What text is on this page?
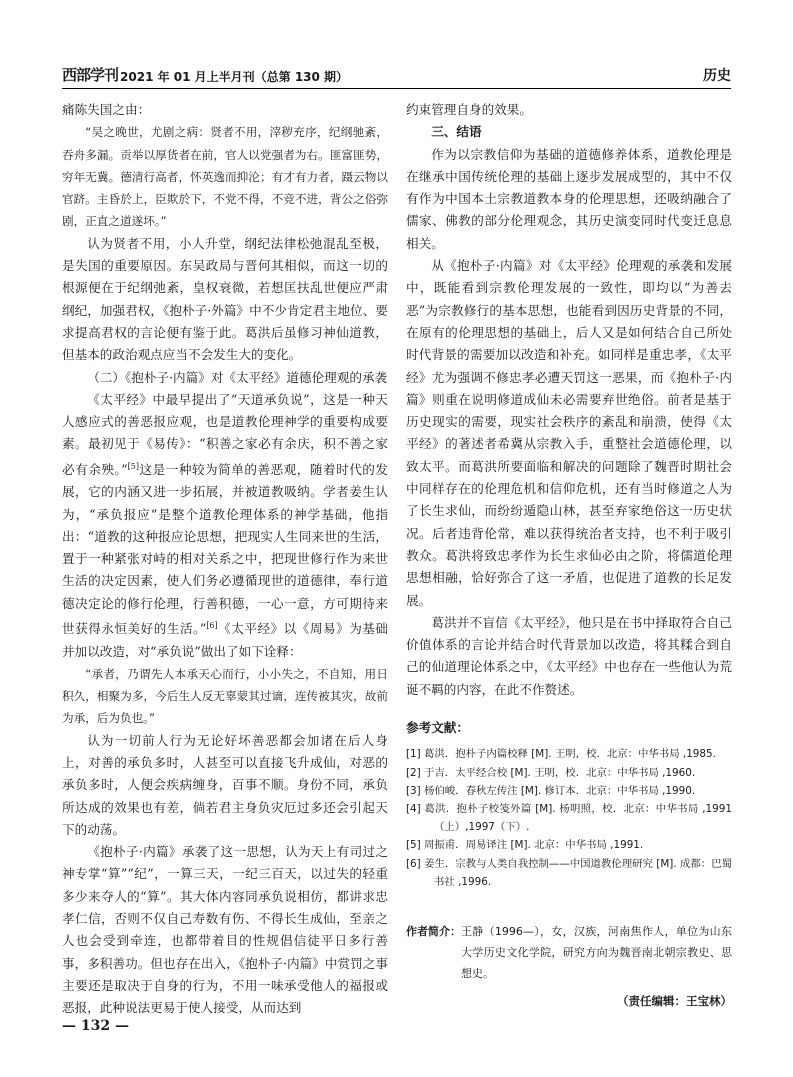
西部学刊 2021 年 01 月上半月刊（总第 130 期）	历史

痛陈失国之由：

“吴之晚世，尤剧之病：贤者不用，滓秽充序，纪纲驰紊，吞舟多漏。贡举以厚货者在前，官人以党强者为右。匪富匪势，穷年无冀。德清行高者，怀英逸而抑沦；有才有力者，蹑云物以官跻。主昏於上，臣欺於下，不党不得，不竞不进，背公之俗弥剧，正直之道遂坏。”

认为贤者不用，小人升堂，纲纪法律松弛混乱至极，是失国的重要原因。东吴政局与晋何其相似，而这一切的根源便在于纪纲弛紊，皇权衰微，若想匡扶乱世便应严肃纲纪，加强君权，《抱朴子·外篇》中不少肯定君主地位、要求提高君权的言论便有鉴于此。葛洪后虽修习神仙道教，但基本的政治观点应当不会发生大的变化。

（二）《抱朴子·内篇》对《太平经》道德伦理观的承袭

《太平经》中最早提出了“天道承负说”，这是一种天人感应式的善恶报应观，也是道教伦理神学的重要构成要素。最初见于《易传》：“积善之家必有余庆，积不善之家必有余殃。”[5]这是一种较为简单的善恶观，随着时代的发展，它的内涵又进一步拓展，并被道教吸纳。学者姜生认为，“承负报应”是整个道教伦理体系的神学基础，他指出：“道教的这种报应论思想，把现实人生同来世的生活，置于一种紧张对峙的相对关系之中，把现世修行作为来世生活的决定因素，使人们务必遵循现世的道德律，奉行道德决定论的修行伦理，行善积德，一心一意，方可期待来世获得永恒美好的生活。”[6]《太平经》以《周易》为基础并加以改造，对“承负说”做出了如下诠释：

“承者，乃谓先人本承天心而行，小小失之，不自知，用日积久，相聚为多，今后生人反无辜蒙其过谪，连传被其灾，故前为承，后为负也。”

认为一切前人行为无论好坏善恶都会加诸在后人身上，对善的承负多时，人甚至可以直接飞升成仙，对恶的承负多时，人便会疾病缠身，百事不顺。身份不同，承负所达成的效果也有差，倘若君主身负灾厄过多还会引起天下的动荡。

《抱朴子·内篇》承袭了这一思想，认为天上有司过之神专掌“算”“纪”，一算三天，一纪三百天，以过失的轻重多少来夺人的“算”。其大体内容同承负说相仿，都讲求忠孝仁信，否则不仅自己寿数有伤、不得长生成仙，至亲之人也会受到牵连，也都带着目的性规倡信徒平日多行善事，多积善功。但也存在出入，《抱朴子·内篇》中赏罚之事主要还是取决于自身的行为，不用一味承受他人的福报或恶报，此种说法更易于使人接受，从而达到

约束管理自身的效果。

三、结语

作为以宗教信仰为基础的道德修养体系，道教伦理是在继承中国传统伦理的基础上逐步发展成型的，其中不仅有作为中国本土宗教道教本身的伦理思想，还吸纳融合了儒家、佛教的部分伦理观念，其历史演变同时代变迁息息相关。

从《抱朴子·内篇》对《太平经》伦理观的承袭和发展中，既能看到宗教伦理发展的一致性，即均以“为善去恶”为宗教修行的基本思想，也能看到因历史背景的不同，在原有的伦理思想的基础上，后人又是如何结合自己所处时代背景的需要加以改造和补充。如同样是重忠孝，《太平经》尤为强调不修忠孝必遭天罚这一恶果，而《抱朴子·内篇》则重在说明修道成仙未必需要弃世绝俗。前者是基于历史现实的需要，现实社会秩序的紊乱和崩溃，使得《太平经》的著述者希冀从宗教入手，重整社会道德伦理，以致太平。而葛洪所要面临和解决的问题除了魏晋时期社会中同样存在的伦理危机和信仰危机，还有当时修道之人为了长生求仙，而纷纷遁隐山林，甚至弃家绝俗这一历史状况。后者违背伦常，难以获得统治者支持，也不利于吸引教众。葛洪将致忠孝作为长生求仙必由之阶，将儒道伦理思想相融，恰好弥合了这一矛盾，也促进了道教的长足发展。

葛洪并不盲信《太平经》，他只是在书中择取符合自己价值体系的言论并结合时代背景加以改造，将其糅合到自己的仙道理论体系之中，《太平经》中也存在一些他认为荒诞不羁的内容，在此不作赘述。

参考文献：

[1] 葛洪．抱朴子内篇校释 [M]. 王明，校．北京：中华书局 ,1985.

[2] 于吉．太平经合校 [M]. 王明，校．北京：中华书局 ,1960.

[3] 杨伯峻．春秋左传注 [M]. 修订本．北京：中华书局 ,1990.

[4] 葛洪．抱朴子校笺外篇 [M]. 杨明照，校．北京：中华书局 ,1991（上）,1997（下）.

[5] 周振甫．周易译注 [M]. 北京：中华书局 ,1991.

[6] 姜生．宗教与人类自我控制——中国道教伦理研究 [M]. 成都：巴蜀书社 ,1996.

作者简介： 王静（1996—），女，汉族，河南焦作人，单位为山东大学历史文化学院，研究方向为魏晋南北朝宗教史、思想史。
（责任编辑：王宝林）
— 132 —
